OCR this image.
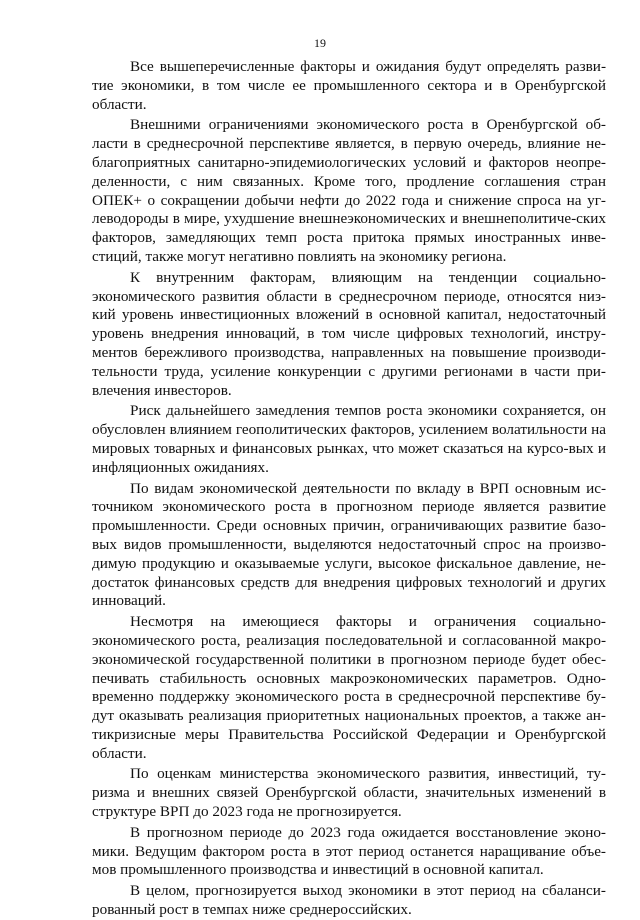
19

Все вышеперечисленные факторы и ожидания будут определять разви-тие экономики, в том числе ее промышленного сектора и в Оренбургской области.

Внешними ограничениями экономического роста в Оренбургской об-ласти в среднесрочной перспективе является, в первую очередь, влияние не-благоприятных санитарно-эпидемиологических условий и факторов неопре-деленности, с ним связанных. Кроме того, продление соглашения стран ОПЕК+ о сокращении добычи нефти до 2022 года и снижение спроса на уг-леводороды в мире, ухудшение внешнеэкономических и внешнеполитиче-ских факторов, замедляющих темп роста притока прямых иностранных инве-стиций, также могут негативно повлиять на экономику региона.

К внутренним факторам, влияющим на тенденции социально-экономического развития области в среднесрочном периоде, относятся низ-кий уровень инвестиционных вложений в основной капитал, недостаточный уровень внедрения инноваций, в том числе цифровых технологий, инстру-ментов бережливого производства, направленных на повышение производи-тельности труда, усиление конкуренции с другими регионами в части при-влечения инвесторов.

Риск дальнейшего замедления темпов роста экономики сохраняется, он обусловлен влиянием геополитических факторов, усилением волатильности на мировых товарных и финансовых рынках, что может сказаться на курсо-вых и инфляционных ожиданиях.

По видам экономической деятельности по вкладу в ВРП основным ис-точником экономического роста в прогнозном периоде является развитие промышленности. Среди основных причин, ограничивающих развитие базо-вых видов промышленности, выделяются недостаточный спрос на произво-димую продукцию и оказываемые услуги, высокое фискальное давление, не-достаток финансовых средств для внедрения цифровых технологий и других инноваций.

Несмотря на имеющиеся факторы и ограничения социально-экономического роста, реализация последовательной и согласованной макро-экономической государственной политики в прогнозном периоде будет обес-печивать стабильность основных макроэкономических параметров. Одно-временно поддержку экономического роста в среднесрочной перспективе бу-дут оказывать реализация приоритетных национальных проектов, а также ан-тикризисные меры Правительства Российской Федерации и Оренбургской области.

По оценкам министерства экономического развития, инвестиций, ту-ризма и внешних связей Оренбургской области, значительных изменений в структуре ВРП до 2023 года не прогнозируется.

В прогнозном периоде до 2023 года ожидается восстановление эконо-мики. Ведущим фактором роста в этот период останется наращивание объе-мов промышленного производства и инвестиций в основной капитал.

В целом, прогнозируется выход экономики в этот период на сбаланси-рованный рост в темпах ниже среднероссийских.
